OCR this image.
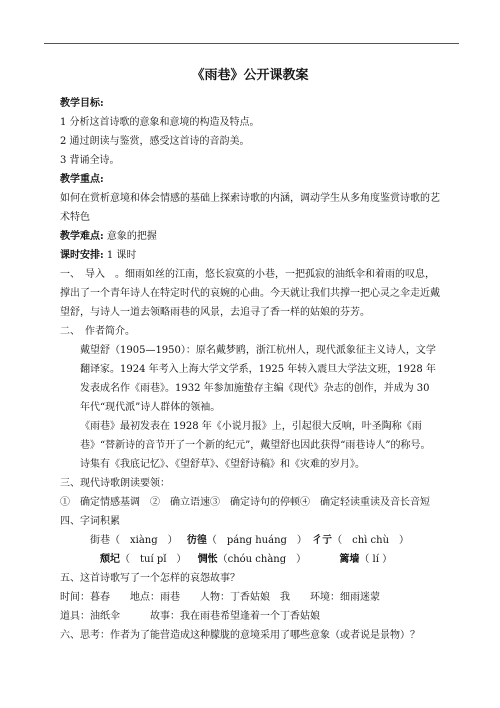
《雨巷》公开课教案

教学目标:

1 分析这首诗歌的意象和意境的构造及特点。

2 通过朗读与鉴赏，感受这首诗的音韵美。

3 背诵全诗。

教学重点:

如何在赏析意境和体会情感的基础上探索诗歌的内涵，调动学生从多角度鉴赏诗歌的艺术特色

教学难点: 意象的把握

课时安排: 1 课时

一、　导入　。细雨如丝的江南，悠长寂寞的小巷，一把孤寂的油纸伞和着雨的叹息，撑出了一个青年诗人在特定时代的哀婉的心曲。今天就让我们共撑一把心灵之伞走近戴望舒，与诗人一道去领略雨巷的风景，去追寻了香一样的姑娘的芬芳。

二、　作者简介。

戴望舒（1905—1950）：原名戴梦鸥，浙江杭州人，现代派象征主义诗人，文学翻译家。1924 年考入上海大学文学系，1925 年转入震旦大学法文班，1928 年发表成名作《雨巷》。1932 年参加施蛰存主编《现代》杂志的创作，并成为 30 年代“现代派”诗人群体的领袖。

《雨巷》最初发表在 1928 年《小说月报》上，引起很大反响，叶圣陶称《雨巷》“替新诗的音节开了一个新的纪元”，戴望舒也因此获得“雨巷诗人”的称号。

诗集有《我底记忆》、《望舒草》、《望舒诗稿》和《灾难的岁月》。

三、现代诗歌朗读要领：

①　确定情感基调　②　确立语速③　确定诗句的停顿④　确定轻读重读及音长音短

四、字词积累

街巷（　xiàng　） 彷徨（　páng huáng　） 彳亍（　chì chù　）

颓圮（　tuí pǐ　） 惆怅（chóu chàng　）	篱墙（ lí ）

五、这首诗歌写了一个怎样的哀怨故事？

时间：暮春　　地点：雨巷　　人物：丁香姑娘　我　　环境：细雨迷蒙

道具：油纸伞　　　故事：我在雨巷希望逢着一个丁香姑娘

六、思考：作者为了能营造成这种朦胧的意境采用了哪些意象（或者说是景物）？
